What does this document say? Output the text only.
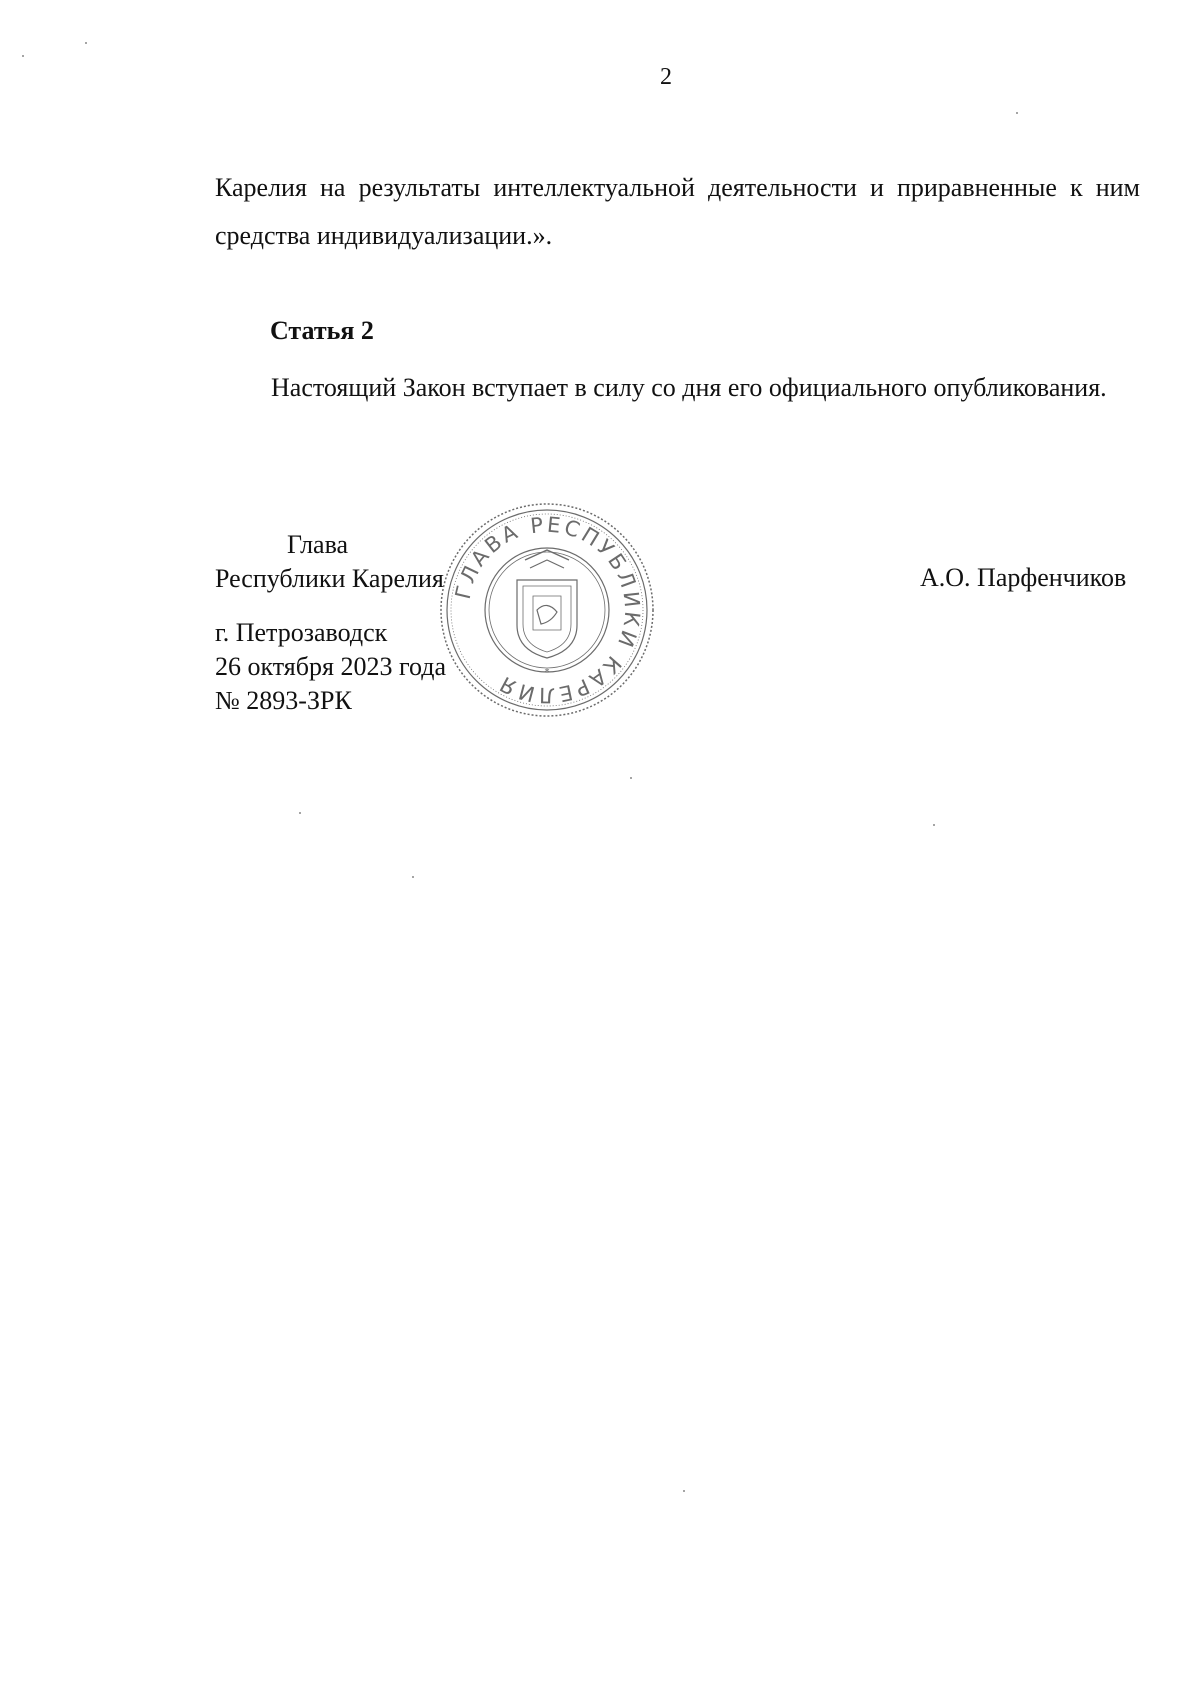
2

Карелия на результаты интеллектуальной деятельности и приравненные к ним средства индивидуализации.».

Статья 2

Настоящий Закон вступает в силу со дня его официального опубликования.

Глава
Республики Карелия	А.О. Парфенчиков
г. Петрозаводск
26 октября 2023 года
№ 2893-ЗРК
ГЛАВА РЕСПУБЛИКИ КАРЕЛИЯ	*
